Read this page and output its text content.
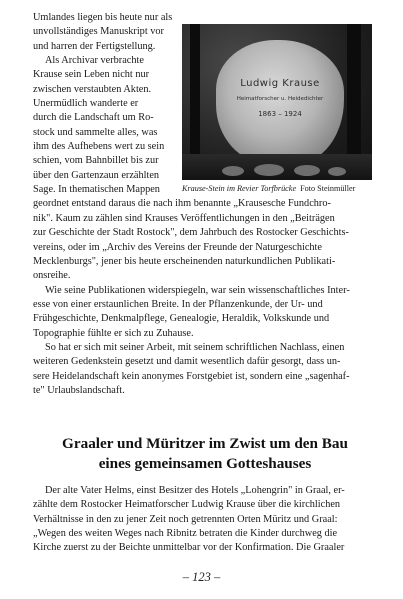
Ludwig Krause
Heimatforscher u. Heidedichter
1863 – 1924
Krause-Stein im Revier Torfbrücke Foto Steinmüller

Umlandes liegen bis heute nur als

unvollständiges Manuskript vor

und harren der Fertigstellung.

Als Archivar verbrachte

Krause sein Leben nicht nur

zwischen verstaubten Akten.

Unermüdlich wanderte er

durch die Landschaft um Ro-

stock und sammelte alles, was

ihm des Aufhebens wert zu sein

schien, vom Bahnbillet bis zur

über den Gartenzaun erzählten

Sage. In thematischen Mappen

geordnet entstand daraus die nach ihm benannte „Krausesche Fundchro-

nik". Kaum zu zählen sind Krauses Veröffentlichungen in den „Beiträgen

zur Geschichte der Stadt Rostock", dem Jahrbuch des Rostocker Geschichts-

vereins, oder im „Archiv des Vereins der Freunde der Naturgeschichte

Mecklenburgs", jener bis heute erscheinenden naturkundlichen Publikati-

onsreihe.

Wie seine Publikationen widerspiegeln, war sein wissenschaftliches Inter-

esse von einer erstaunlichen Breite. In der Pflanzenkunde, der Ur- und

Frühgeschichte, Denkmalpflege, Genealogie, Heraldik, Volkskunde und

Topographie fühlte er sich zu Zuhause.

So hat er sich mit seiner Arbeit, mit seinem schriftlichen Nachlass, einen

weiteren Gedenkstein gesetzt und damit wesentlich dafür gesorgt, dass un-

sere Heidelandschaft kein anonymes Forstgebiet ist, sondern eine „sagenhaf-

te" Urlaubslandschaft.

Graaler und Müritzer im Zwist um den Bau
eines gemeinsamen Gotteshauses

Der alte Vater Helms, einst Besitzer des Hotels „Lohengrin" in Graal, er-

zählte dem Rostocker Heimatforscher Ludwig Krause über die kirchlichen

Verhältnisse in den zu jener Zeit noch getrennten Orten Müritz und Graal:

„Wegen des weiten Weges nach Ribnitz betraten die Kinder durchweg die

Kirche zuerst zu der Beichte unmittelbar vor der Konfirmation. Die Graaler

– 123 –
